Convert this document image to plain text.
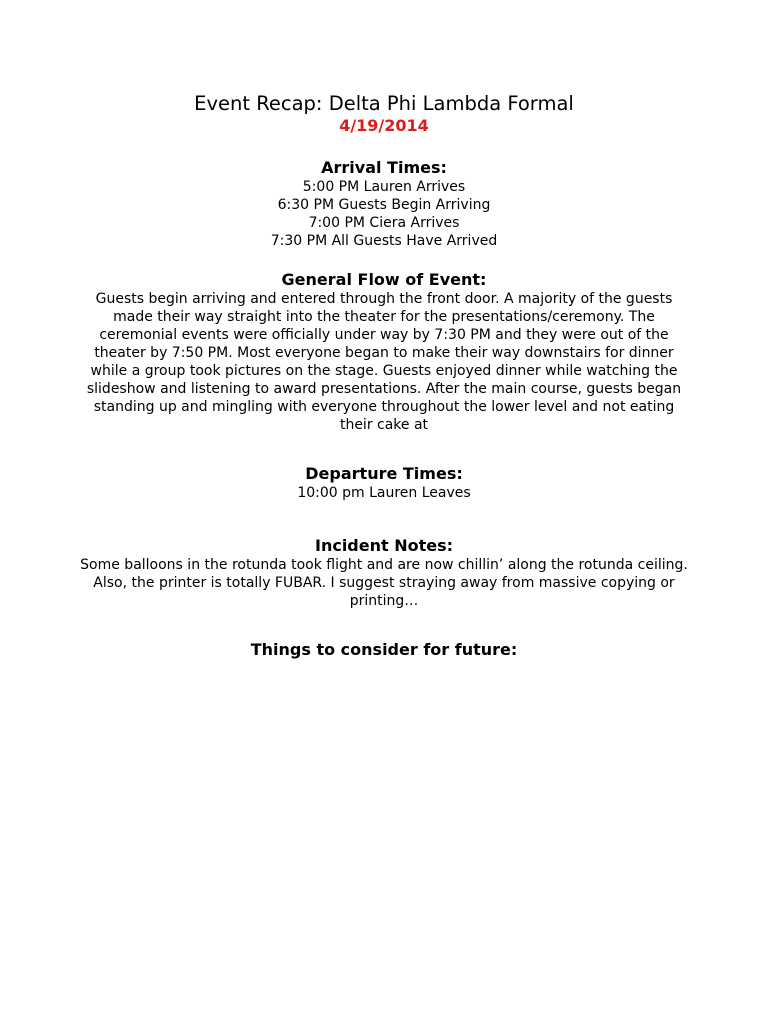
Event Recap: Delta Phi Lambda Formal
4/19/2014
Arrival Times:
5:00 PM Lauren Arrives
6:30 PM Guests Begin Arriving
7:00 PM Ciera Arrives
7:30 PM All Guests Have Arrived
General Flow of Event:

Guests begin arriving and entered through the front door. A majority of the guests made their way straight into the theater for the presentations/ceremony. The ceremonial events were officially under way by 7:30 PM and they were out of the theater by 7:50 PM. Most everyone began to make their way downstairs for dinner while a group took pictures on the stage. Guests enjoyed dinner while watching the slideshow and listening to award presentations. After the main course, guests began standing up and mingling with everyone throughout the lower level and not eating their cake at

Departure Times:
10:00 pm Lauren Leaves
Incident Notes:

Some balloons in the rotunda took flight and are now chillin’ along the rotunda ceiling. Also, the printer is totally FUBAR. I suggest straying away from massive copying or printing…

Things to consider for future:
